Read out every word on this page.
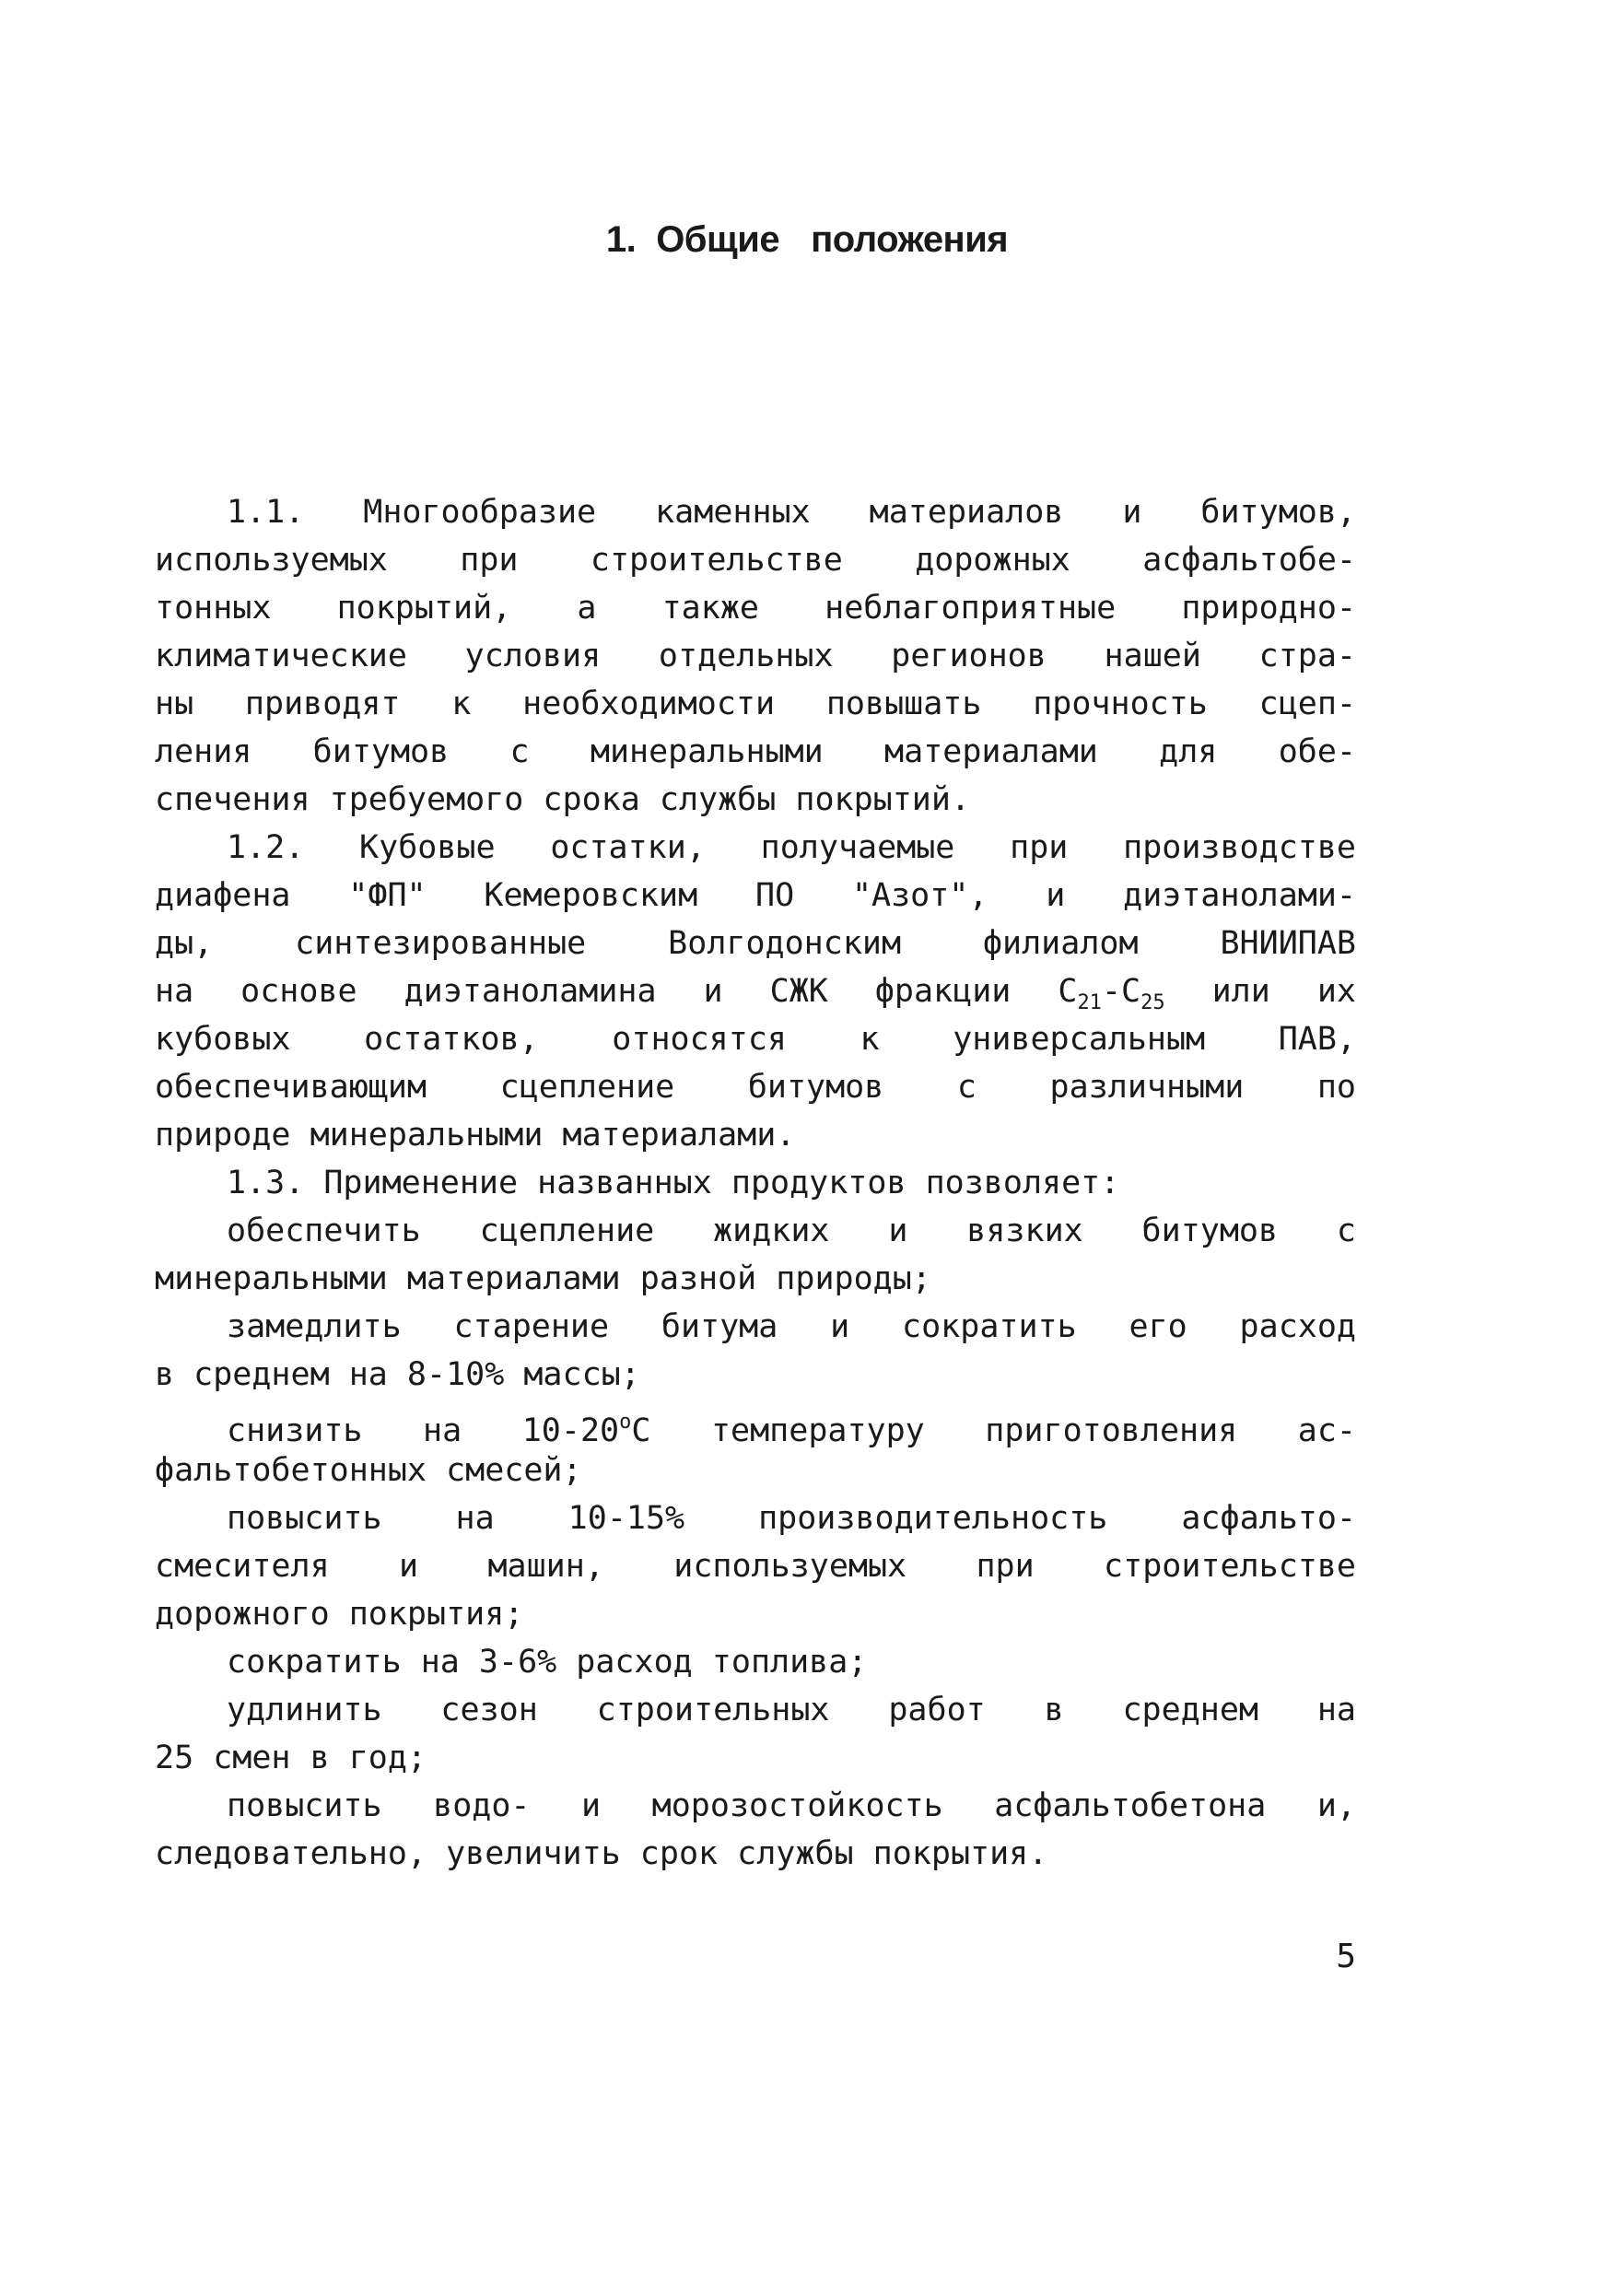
1. Общие положения
1.1. Многообразие каменных материалов и битумов,
используемых при строительстве дорожных асфальтобе-
тонных покрытий, а также неблагоприятные природно-
климатические условия отдельных регионов нашей стра-
ны приводят к необходимости повышать прочность сцеп-
ления битумов с минеральными материалами для обе-
спечения требуемого срока службы покрытий.
1.2. Кубовые остатки, получаемые при производстве
диафена "ФП" Кемеровским ПО "Азот", и диэтанолами-
ды, синтезированные Волгодонским филиалом ВНИИПАВ
на основе диэтаноламина и СЖК фракции $С_{21}-С_{25}$ или их
кубовых остатков, относятся к универсальным ПАВ,
обеспечивающим сцепление битумов с различными по
природе минеральными материалами.
1.3. Применение названных продуктов позволяет:
обеспечить сцепление жидких и вязких битумов с
минеральными материалами разной природы;
замедлить старение битума и сократить его расход
в среднем на 8-10% массы;
снизить на $10-20^оС$ температуру приготовления ас-
фальтобетонных смесей;
повысить на 10-15% производительность асфальто-
смесителя и машин, используемых при строительстве
дорожного покрытия;
сократить на 3-6% расход топлива;
удлинить сезон строительных работ в среднем на
25 смен в год;
повысить водо- и морозостойкость асфальтобетона и,
следовательно, увеличить срок службы покрытия.
5
